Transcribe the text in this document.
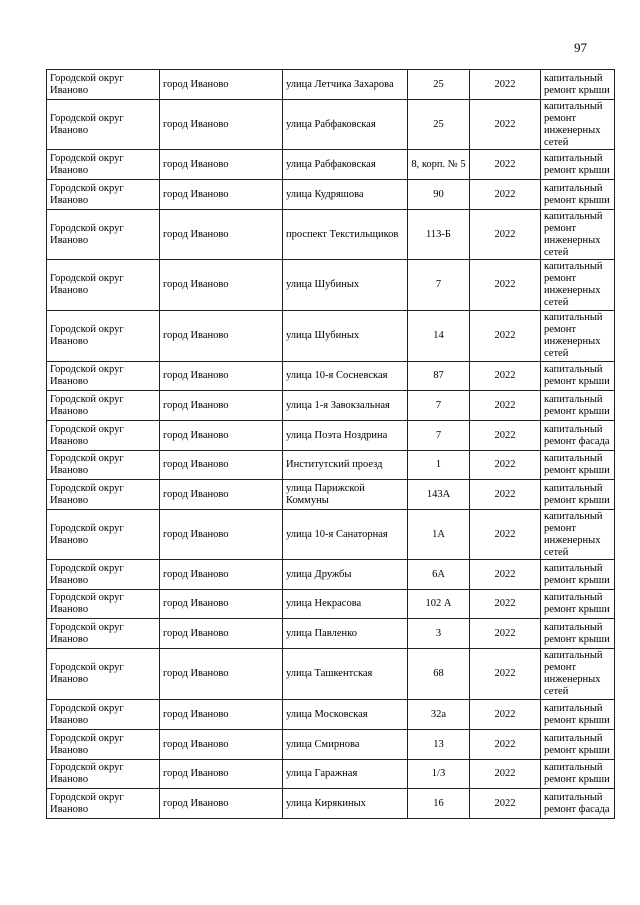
97
Городской округ Иваново	город Иваново	улица Летчика Захарова	25	2022	капитальный ремонт крыши
Городской округ Иваново	город Иваново	улица Рабфаковская	25	2022	капитальный ремонт инженерных сетей
Городской округ Иваново	город Иваново	улица Рабфаковская	8, корп. № 5	2022	капитальный ремонт крыши
Городской округ Иваново	город Иваново	улица Кудряшова	90	2022	капитальный ремонт крыши
Городской округ Иваново	город Иваново	проспект Текстильщиков	113-Б	2022	капитальный ремонт инженерных сетей
Городской округ Иваново	город Иваново	улица Шубиных	7	2022	капитальный ремонт инженерных сетей
Городской округ Иваново	город Иваново	улица Шубиных	14	2022	капитальный ремонт инженерных сетей
Городской округ Иваново	город Иваново	улица 10-я Сосневская	87	2022	капитальный ремонт крыши
Городской округ Иваново	город Иваново	улица 1-я Завокзальная	7	2022	капитальный ремонт крыши
Городской округ Иваново	город Иваново	улица Поэта Ноздрина	7	2022	капитальный ремонт фасада
Городской округ Иваново	город Иваново	Институтский проезд	1	2022	капитальный ремонт крыши
Городской округ Иваново	город Иваново	улица Парижской Коммуны	143А	2022	капитальный ремонт крыши
Городской округ Иваново	город Иваново	улица 10-я Санаторная	1А	2022	капитальный ремонт инженерных сетей
Городской округ Иваново	город Иваново	улица Дружбы	6А	2022	капитальный ремонт крыши
Городской округ Иваново	город Иваново	улица Некрасова	102 А	2022	капитальный ремонт крыши
Городской округ Иваново	город Иваново	улица Павленко	3	2022	капитальный ремонт крыши
Городской округ Иваново	город Иваново	улица Ташкентская	68	2022	капитальный ремонт инженерных сетей
Городской округ Иваново	город Иваново	улица Московская	32а	2022	капитальный ремонт крыши
Городской округ Иваново	город Иваново	улица Смирнова	13	2022	капитальный ремонт крыши
Городской округ Иваново	город Иваново	улица Гаражная	1/3	2022	капитальный ремонт крыши
Городской округ Иваново	город Иваново	улица Кирякиных	16	2022	капитальный ремонт фасада
